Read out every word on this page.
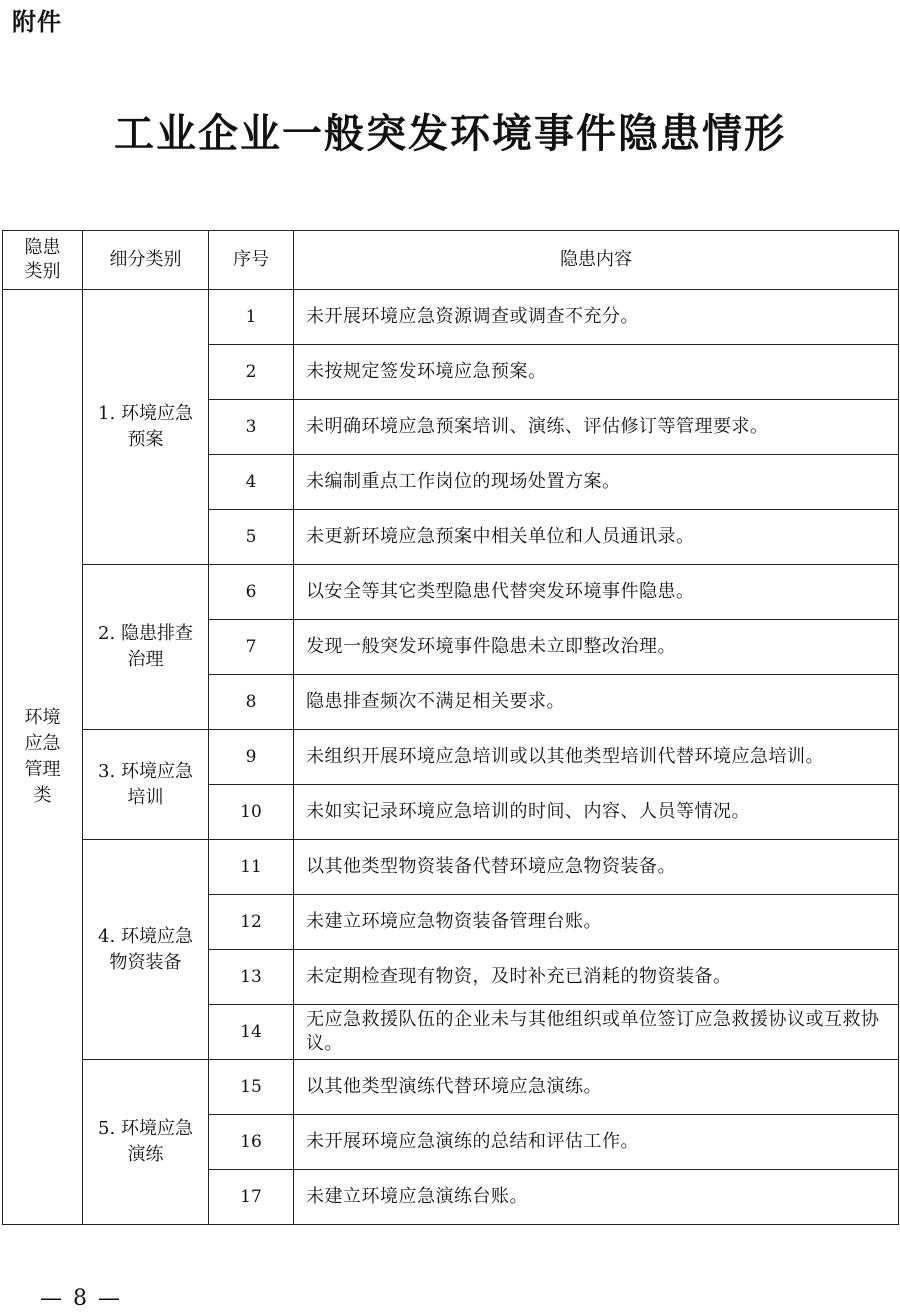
附件
工业企业一般突发环境事件隐患情形
隐患类别	细分类别	序号	隐患内容

环境应急管理类	1. 环境应急预案	1	未开展环境应急资源调查或调查不充分。
		2	未按规定签发环境应急预案。
		3	未明确环境应急预案培训、演练、评估修订等管理要求。
		4	未编制重点工作岗位的现场处置方案。
		5	未更新环境应急预案中相关单位和人员通讯录。

	2. 隐患排查治理	6	以安全等其它类型隐患代替突发环境事件隐患。
		7	发现一般突发环境事件隐患未立即整改治理。
		8	隐患排查频次不满足相关要求。

	3. 环境应急培训	9	未组织开展环境应急培训或以其他类型培训代替环境应急培训。
		10	未如实记录环境应急培训的时间、内容、人员等情况。

	4. 环境应急物资装备	11	以其他类型物资装备代替环境应急物资装备。
		12	未建立环境应急物资装备管理台账。
		13	未定期检查现有物资，及时补充已消耗的物资装备。
		14	无应急救援队伍的企业未与其他组织或单位签订应急救援协议或互救协议。

	5. 环境应急演练	15	以其他类型演练代替环境应急演练。
		16	未开展环境应急演练的总结和评估工作。
		17	未建立环境应急演练台账。
— 8 —
